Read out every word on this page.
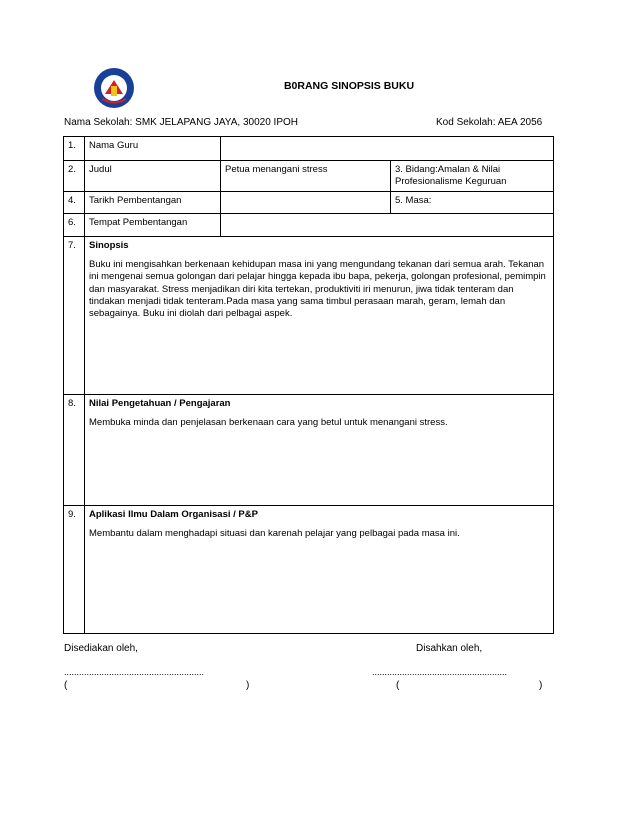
B0RANG SINOPSIS BUKU
Nama Sekolah: SMK JELAPANG JAYA, 30020 IPOH	Kod Sekolah: AEA 2056
1.	Nama Guru		
2.	Judul	Petua menangani stress	3. Bidang:Amalan & Nilai Profesionalisme Keguruan
4.	Tarikh Pembentangan		5. Masa:
6.	Tempat Pembentangan		
7.	Sinopsis
Buku ini mengisahkan berkenaan kehidupan masa ini yang mengundang tekanan dari semua arah. Tekanan ini mengenai semua golongan dari pelajar hingga kepada ibu bapa, pekerja, golongan profesional, pemimpin dan masyarakat. Stress menjadikan diri kita tertekan, produktiviti iri menurun, jiwa tidak tenteram dan tindakan menjadi tidak tenteram.Pada masa yang sama timbul perasaan marah, geram, lemah dan sebagainya. Buku ini diolah dari pelbagai aspek.		

8.	Nilai Pengetahuan / Pengajaran
Membuka minda dan penjelasan berkenaan cara yang betul untuk menangani stress.		

9.	Aplikasi Ilmu Dalam Organisasi / P&P
Membantu dalam menghadapi situasi dan karenah pelajar yang pelbagai pada masa ini.		
Disediakan oleh,	Disahkan oleh,
........................................................	......................................................
(	)	(	)
